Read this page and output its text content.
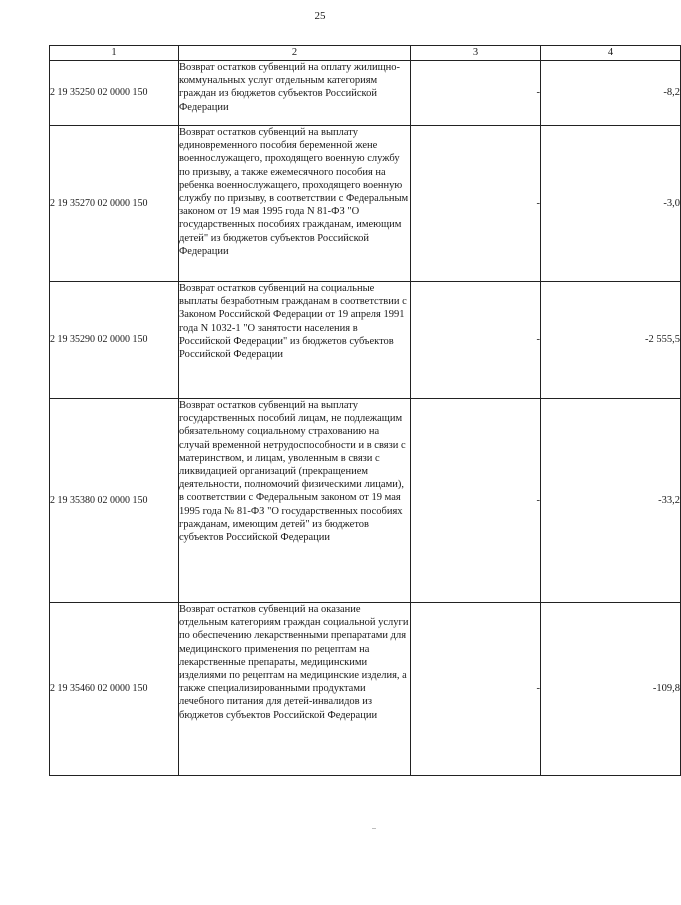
25
1	2	3	4
2 19 35250 02 0000 150	Возврат остатков субвенций на оплату жилищно-коммунальных услуг отдельным категориям граждан из бюджетов субъектов Российской Федерации	-	-8,2
2 19 35270 02 0000 150	Возврат остатков субвенций на выплату единовременного пособия беременной жене военнослужащего, проходящего военную службу по призыву, а также ежемесячного пособия на ребенка военнослужащего, проходящего военную службу по призыву, в соответствии с Федеральным законом от 19 мая 1995 года N 81-ФЗ "О государственных пособиях гражданам, имеющим детей" из бюджетов субъектов Российской Федерации	-	-3,0
2 19 35290 02 0000 150	Возврат остатков субвенций на социальные выплаты безработным гражданам в соответствии с Законом Российской Федерации от 19 апреля 1991 года N 1032-1 "О занятости населения в Российской Федерации" из бюджетов субъектов Российской Федерации	-	-2 555,5
2 19 35380 02 0000 150	Возврат остатков субвенций на выплату государственных пособий лицам, не подлежащим обязательному социальному страхованию на случай временной нетрудоспособности и в связи с материнством, и лицам, уволенным в связи с ликвидацией организаций (прекращением деятельности, полномочий физическими лицами), в соответствии с Федеральным законом от 19 мая 1995 года № 81-ФЗ "О государственных пособиях гражданам, имеющим детей" из бюджетов субъектов Российской Федерации	-	-33,2
2 19 35460 02 0000 150	Возврат остатков субвенций на оказание отдельным категориям граждан социальной услуги по обеспечению лекарственными препаратами для медицинского применения по рецептам на лекарственные препараты, медицинскими изделиями по рецептам на медицинские изделия, а также специализированными продуктами лечебного питания для детей-инвалидов из бюджетов субъектов Российской Федерации	-	-109,8
